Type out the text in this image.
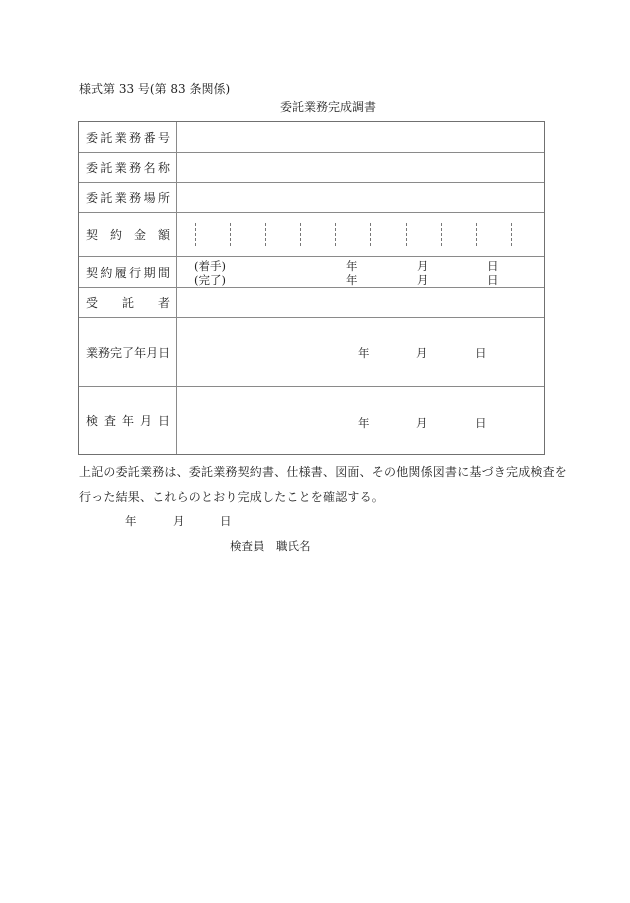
様式第 33 号(第 83 条関係)
委託業務完成調書
委 託 業 務 番 号
委 託 業 務 名 称
委 託 業 務 場 所
契 約 金 額
契 約 履 行 期 間 (着手)	年	月	日
(完了)	年	月	日
受 託 者
業 務 完 了 年 月 日	年	月	日
検 査 年 月 日	年	月	日
上記の委託業務は、委託業務契約書、仕様書、図面、その他関係図書に基づき完成検査を
行った結果、これらのとおり完成したことを確認する。
年	月	日
検査員 職氏名
